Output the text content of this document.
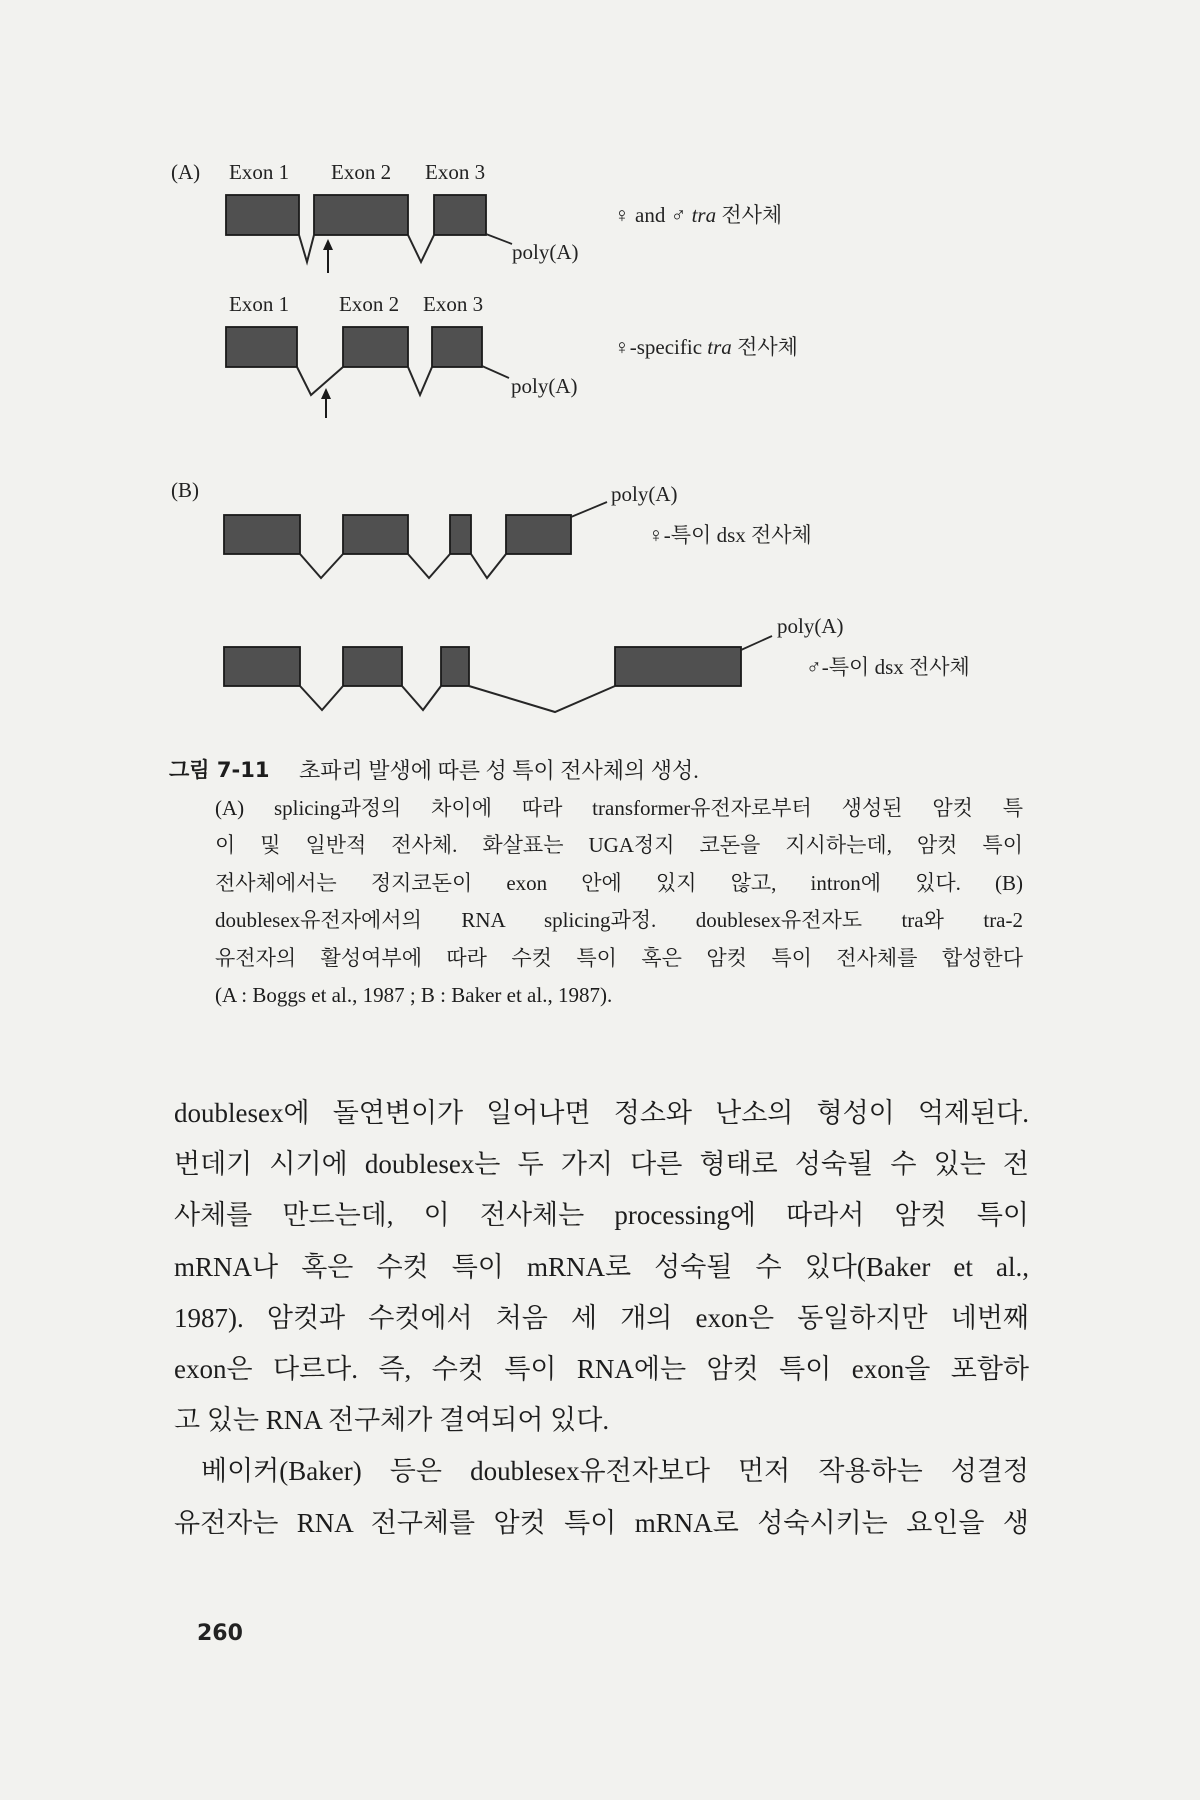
(A) Exon 1 Exon 2 Exon 3
poly(A)
♀ and ♂ tra 전사체
Exon 1 Exon 2 Exon 3
poly(A)
♀-specific tra 전사체
(B)	poly(A)
♀-특이 dsx 전사체
poly(A)
♂-특이 dsx 전사체
그림 7-11 초파리 발생에 따른 성 특이 전사체의 생성.
(A) splicing과정의 차이에 따라 transformer유전자로부터 생성된 암컷 특
이 및 일반적 전사체. 화살표는 UGA정지 코돈을 지시하는데, 암컷 특이
전사체에서는 정지코돈이 exon 안에 있지 않고, intron에 있다. (B)
doublesex유전자에서의 RNA splicing과정. doublesex유전자도 tra와 tra-2
유전자의 활성여부에 따라 수컷 특이 혹은 암컷 특이 전사체를 합성한다
(A : Boggs et al., 1987 ; B : Baker et al., 1987).
doublesex에 돌연변이가 일어나면 정소와 난소의 형성이 억제된다.
번데기 시기에 doublesex는 두 가지 다른 형태로 성숙될 수 있는 전
사체를 만드는데, 이 전사체는 processing에 따라서 암컷 특이
mRNA나 혹은 수컷 특이 mRNA로 성숙될 수 있다(Baker et al.,
1987). 암컷과 수컷에서 처음 세 개의 exon은 동일하지만 네번째
exon은 다르다. 즉, 수컷 특이 RNA에는 암컷 특이 exon을 포함하
고 있는 RNA 전구체가 결여되어 있다.
베이커(Baker) 등은 doublesex유전자보다 먼저 작용하는 성결정
유전자는 RNA 전구체를 암컷 특이 mRNA로 성숙시키는 요인을 생
260
